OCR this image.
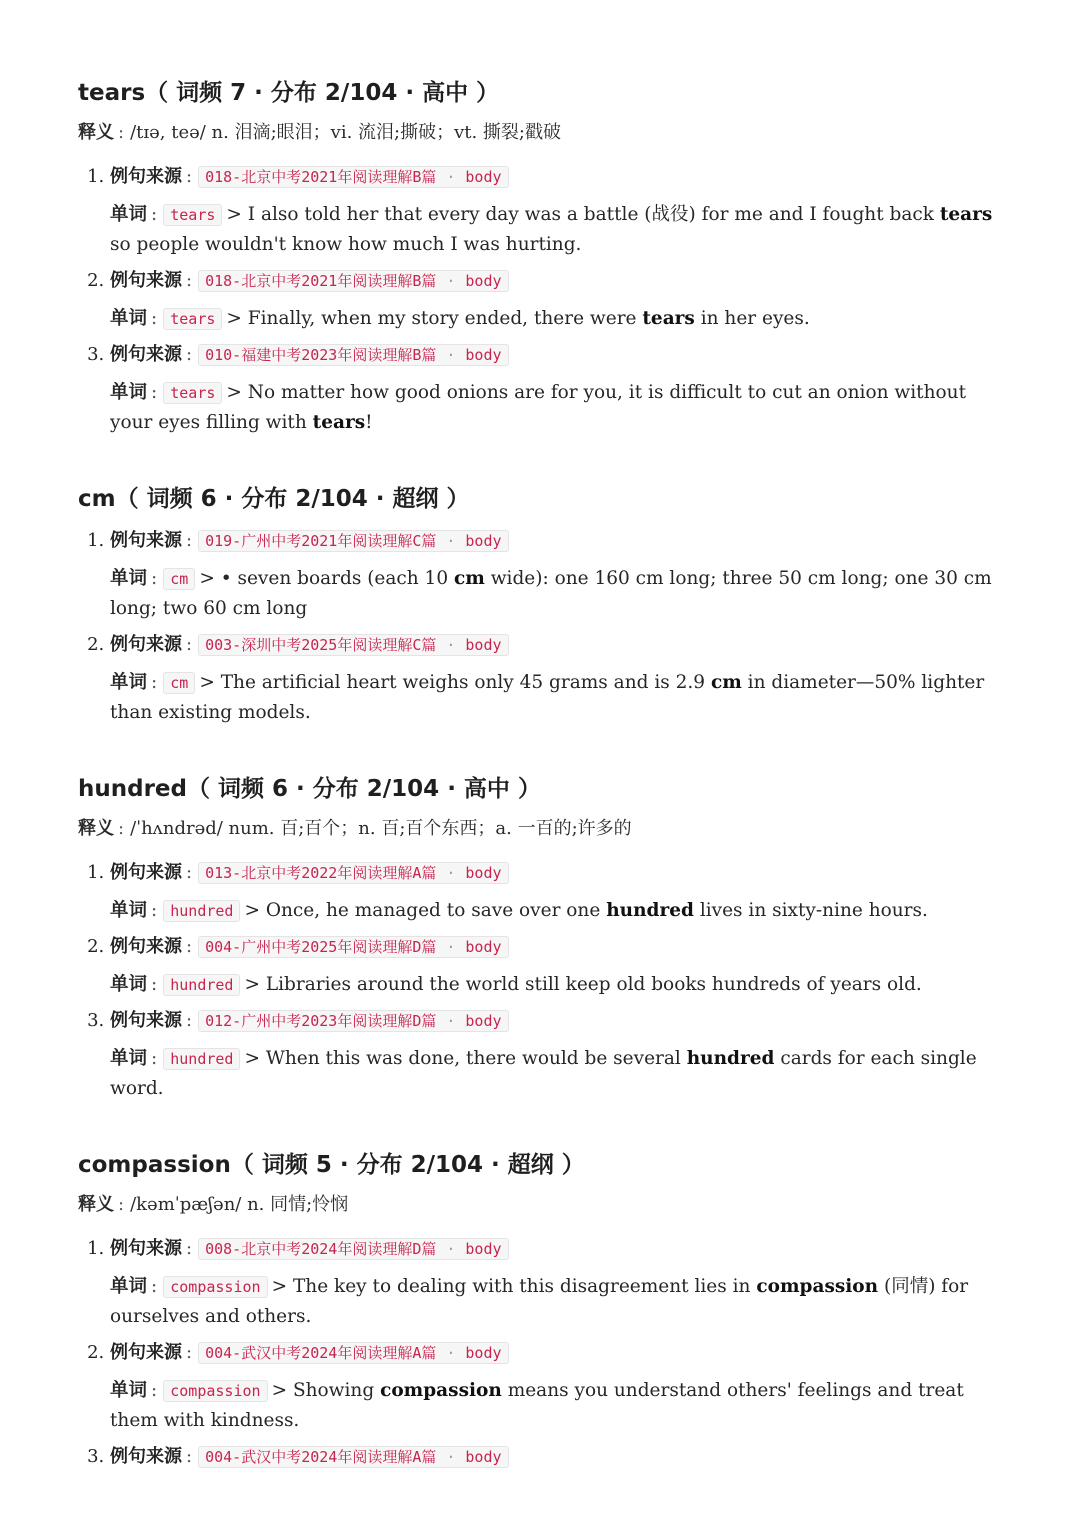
tears（ 词频 7 · 分布 2/104 · 高中 ）
释义 : /tɪə, teə/ n. 泪滴;眼泪；vi. 流泪;撕破；vt. 撕裂;戳破
1. 例句来源 : 018-北京中考2021年阅读理解B篇 · body
单词 : tears > I also told her that every day was a battle (战役) for me and I fought back tears so people wouldn't know how much I was hurting.
2. 例句来源 : 018-北京中考2021年阅读理解B篇 · body
单词 : tears > Finally, when my story ended, there were tears in her eyes.
3. 例句来源 : 010-福建中考2023年阅读理解B篇 · body
单词 : tears > No matter how good onions are for you, it is difficult to cut an onion without your eyes filling with tears!
cm（ 词频 6 · 分布 2/104 · 超纲 ）
1. 例句来源 : 019-广州中考2021年阅读理解C篇 · body
单词 : cm > • seven boards (each 10 cm wide): one 160 cm long; three 50 cm long; one 30 cm long; two 60 cm long
2. 例句来源 : 003-深圳中考2025年阅读理解C篇 · body
单词 : cm > The artificial heart weighs only 45 grams and is 2.9 cm in diameter—50% lighter than existing models.
hundred（ 词频 6 · 分布 2/104 · 高中 ）
释义 : /ˈhʌndrəd/ num. 百;百个；n. 百;百个东西；a. 一百的;许多的
1. 例句来源 : 013-北京中考2022年阅读理解A篇 · body
单词 : hundred > Once, he managed to save over one hundred lives in sixty-nine hours.
2. 例句来源 : 004-广州中考2025年阅读理解D篇 · body
单词 : hundred > Libraries around the world still keep old books hundreds of years old.
3. 例句来源 : 012-广州中考2023年阅读理解D篇 · body
单词 : hundred > When this was done, there would be several hundred cards for each single word.
compassion（ 词频 5 · 分布 2/104 · 超纲 ）
释义 : /kəmˈpæʃən/ n. 同情;怜悯
1. 例句来源 : 008-北京中考2024年阅读理解D篇 · body
单词 : compassion > The key to dealing with this disagreement lies in compassion (同情) for ourselves and others.
2. 例句来源 : 004-武汉中考2024年阅读理解A篇 · body
单词 : compassion > Showing compassion means you understand others' feelings and treat them with kindness.
3. 例句来源 : 004-武汉中考2024年阅读理解A篇 · body
